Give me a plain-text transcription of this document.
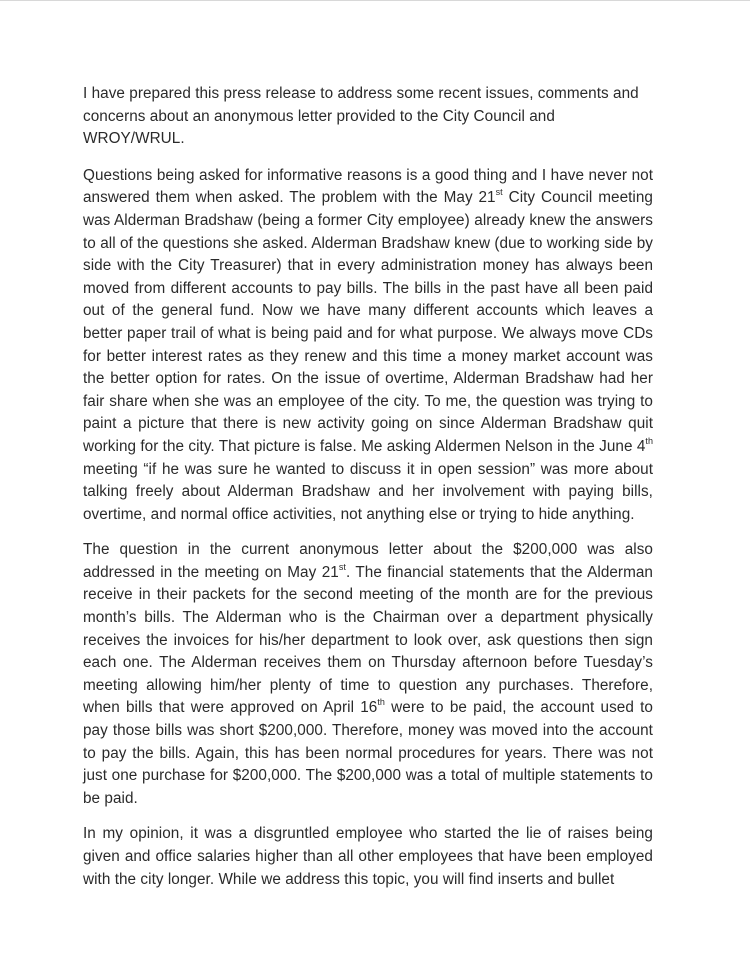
I have prepared this press release to address some recent issues, comments and concerns about an anonymous letter provided to the City Council and WROY/WRUL.

Questions being asked for informative reasons is a good thing and I have never not answered them when asked. The problem with the May 21st City Council meeting was Alderman Bradshaw (being a former City employee) already knew the answers to all of the questions she asked. Alderman Bradshaw knew (due to working side by side with the City Treasurer) that in every administration money has always been moved from different accounts to pay bills. The bills in the past have all been paid out of the general fund. Now we have many different accounts which leaves a better paper trail of what is being paid and for what purpose. We always move CDs for better interest rates as they renew and this time a money market account was the better option for rates. On the issue of overtime, Alderman Bradshaw had her fair share when she was an employee of the city. To me, the question was trying to paint a picture that there is new activity going on since Alderman Bradshaw quit working for the city. That picture is false. Me asking Aldermen Nelson in the June 4th meeting “if he was sure he wanted to discuss it in open session” was more about talking freely about Alderman Bradshaw and her involvement with paying bills, overtime, and normal office activities, not anything else or trying to hide anything.

The question in the current anonymous letter about the $200,000 was also addressed in the meeting on May 21st. The financial statements that the Alderman receive in their packets for the second meeting of the month are for the previous month’s bills. The Alderman who is the Chairman over a department physically receives the invoices for his/her department to look over, ask questions then sign each one. The Alderman receives them on Thursday afternoon before Tuesday’s meeting allowing him/her plenty of time to question any purchases. Therefore, when bills that were approved on April 16th were to be paid, the account used to pay those bills was short $200,000. Therefore, money was moved into the account to pay the bills. Again, this has been normal procedures for years. There was not just one purchase for $200,000. The $200,000 was a total of multiple statements to be paid.

In my opinion, it was a disgruntled employee who started the lie of raises being given and office salaries higher than all other employees that have been employed with the city longer. While we address this topic, you will find inserts and bullet
